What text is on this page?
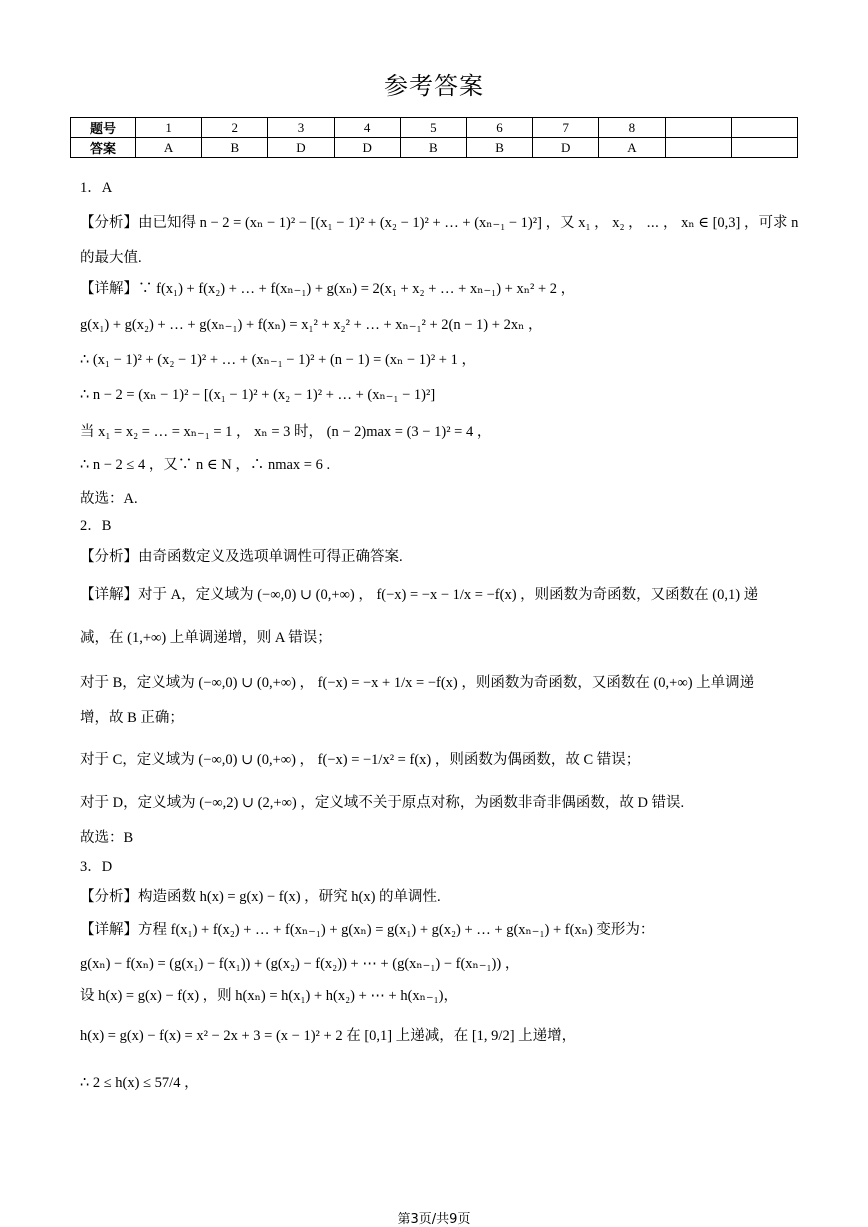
参考答案
题号	1	2	3	4	5	6	7	8		
答案	A	B	D	D	B	B	D	A		
1．A
【分析】由已知得 n − 2 = (xₙ − 1)² − [(x₁ − 1)² + (x₂ − 1)² + … + (xₙ₋₁ − 1)²] ，又 x₁ ， x₂ ， ⋯ ， xₙ ∈ [0,3] ，可求 n
的最大值.
【详解】∵ f(x₁) + f(x₂) + … + f(xₙ₋₁) + g(xₙ) = 2(x₁ + x₂ + … + xₙ₋₁) + xₙ² + 2 ，
g(x₁) + g(x₂) + … + g(xₙ₋₁) + f(xₙ) = x₁² + x₂² + … + xₙ₋₁² + 2(n − 1) + 2xₙ ，
∴ (x₁ − 1)² + (x₂ − 1)² + … + (xₙ₋₁ − 1)² + (n − 1) = (xₙ − 1)² + 1 ，
∴ n − 2 = (xₙ − 1)² − [(x₁ − 1)² + (x₂ − 1)² + … + (xₙ₋₁ − 1)²]
当 x₁ = x₂ = … = xₙ₋₁ = 1 ， xₙ = 3 时， (n − 2)max = (3 − 1)² = 4 ，
∴ n − 2 ≤ 4 ，又∵ n ∈ N ，∴ nmax = 6 .
故选：A.
2．B
【分析】由奇函数定义及选项单调性可得正确答案.
【详解】对于 A，定义域为 (−∞,0) ∪ (0,+∞) ， f(−x) = −x − 1/x = −f(x) ，则函数为奇函数，又函数在 (0,1) 递
减，在 (1,+∞) 上单调递增，则 A 错误；
对于 B，定义域为 (−∞,0) ∪ (0,+∞) ， f(−x) = −x + 1/x = −f(x) ，则函数为奇函数，又函数在 (0,+∞) 上单调递
增，故 B 正确；
对于 C，定义域为 (−∞,0) ∪ (0,+∞) ， f(−x) = −1/x² = f(x) ，则函数为偶函数，故 C 错误；
对于 D，定义域为 (−∞,2) ∪ (2,+∞) ，定义域不关于原点对称，为函数非奇非偶函数，故 D 错误.
故选：B
3．D
【分析】构造函数 h(x) = g(x) − f(x) ，研究 h(x) 的单调性.
【详解】方程 f(x₁) + f(x₂) + … + f(xₙ₋₁) + g(xₙ) = g(x₁) + g(x₂) + … + g(xₙ₋₁) + f(xₙ) 变形为：
g(xₙ) − f(xₙ) = (g(x₁) − f(x₁)) + (g(x₂) − f(x₂)) + ⋯ + (g(xₙ₋₁) − f(xₙ₋₁)) ，
设 h(x) = g(x) − f(x) ，则 h(xₙ) = h(x₁) + h(x₂) + ⋯ + h(xₙ₋₁)，
h(x) = g(x) − f(x) = x² − 2x + 3 = (x − 1)² + 2 在 [0,1] 上递减，在 [1, 9/2] 上递增，
∴ 2 ≤ h(x) ≤ 57/4 ，
第3页/共9页
